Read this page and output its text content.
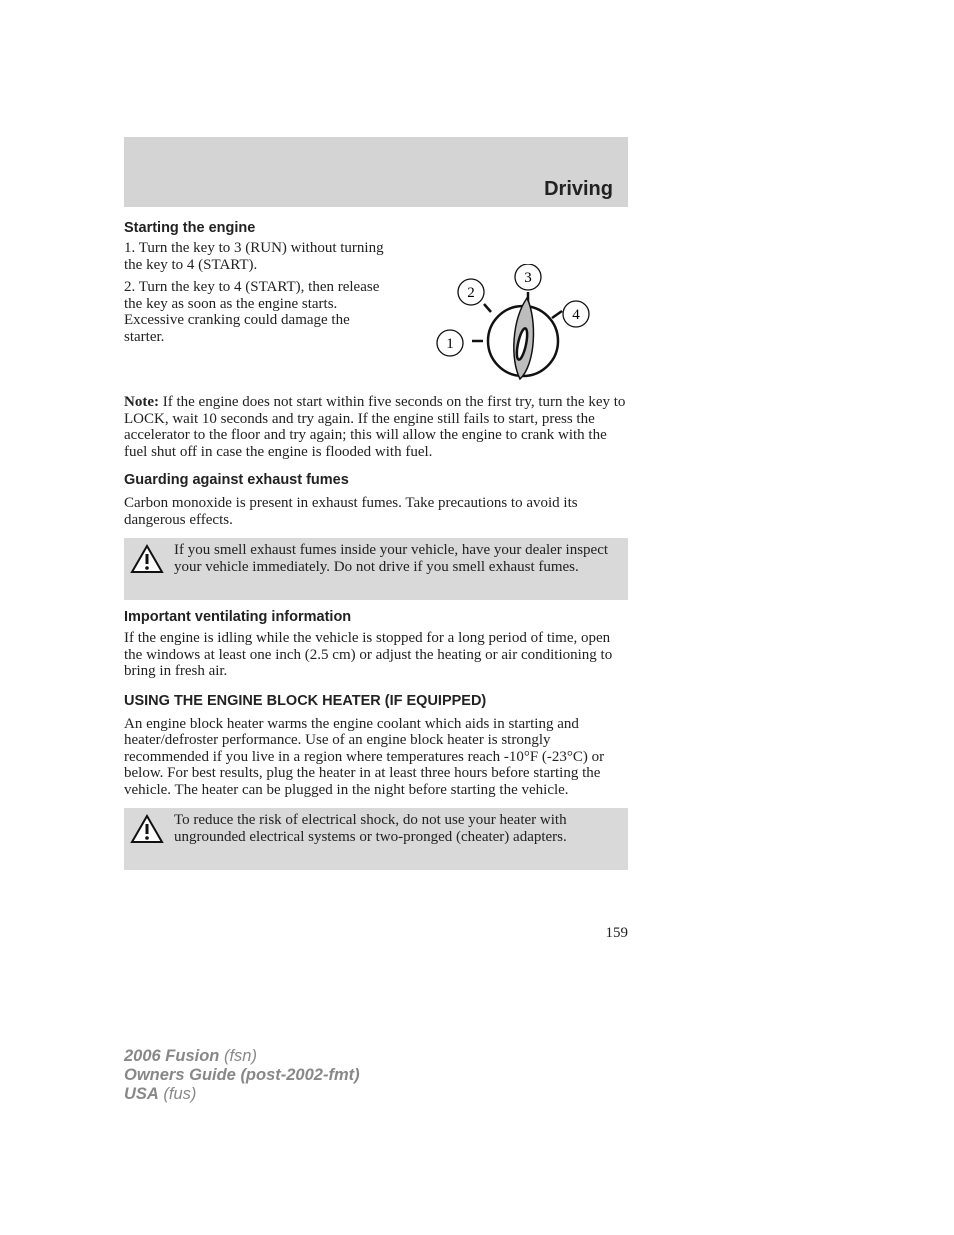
Driving
Starting the engine

1. Turn the key to 3 (RUN) without turning the key to 4 (START).

2. Turn the key to 4 (START), then release the key as soon as the engine starts. Excessive cranking could damage the starter.	1
2
3
4

Note: If the engine does not start within five seconds on the first try, turn the key to LOCK, wait 10 seconds and try again. If the engine still fails to start, press the accelerator to the floor and try again; this will allow the engine to crank with the fuel shut off in case the engine is flooded with fuel.

Guarding against exhaust fumes

Carbon monoxide is present in exhaust fumes. Take precautions to avoid its dangerous effects.

If you smell exhaust fumes inside your vehicle, have your dealer inspect your vehicle immediately. Do not drive if you smell exhaust fumes.

Important ventilating information

If the engine is idling while the vehicle is stopped for a long period of time, open the windows at least one inch (2.5 cm) or adjust the heating or air conditioning to bring in fresh air.

USING THE ENGINE BLOCK HEATER (IF EQUIPPED)

An engine block heater warms the engine coolant which aids in starting and heater/defroster performance. Use of an engine block heater is strongly recommended if you live in a region where temperatures reach -10°F (-23°C) or below. For best results, plug the heater in at least three hours before starting the vehicle. The heater can be plugged in the night before starting the vehicle.

To reduce the risk of electrical shock, do not use your heater with ungrounded electrical systems or two-pronged (cheater) adapters.

159
2006 Fusion (fsn)
Owners Guide (post-2002-fmt)
USA (fus)
